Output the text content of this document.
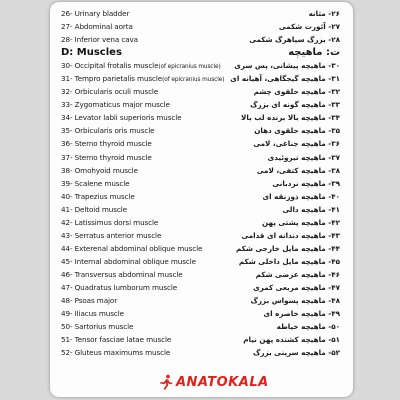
26- Urinary bladder	۲۶- مثانه
27- Abdominal aorta	۲۷- آئورت شکمی
28- Inferior vena cava	۲۸- بزرگ سیاهرگ شکمی
D: Muscles	ت: ماهیچه
30- Occipital frotalis muscle(of epicranius muscle) ۳۰- ماهیچه پیشانی، پس سری
31- Tempro parietalis muscle(of epicranius muscle) ۳۱- ماهیچه گیجگاهی، آهیانه ای
32- Orbicularis oculi muscle	۳۲- ماهیچه حلقوی چشم
33- Zygomaticus major muscle	۳۳- ماهیچه گونه ای بزرگ
34- Levator labii superioris muscle	۳۴- ماهیچه بالا برنده لب بالا
35- Orbicularis oris muscle	۳۵- ماهیچه حلقوی دهان
36- Sterno thyroid muscle	۳۶- ماهیچه جناغی، لامی
37- Sterno thyroid muscle	۳۷- ماهیچه تیروئیدی
38- Omohyoid muscle	۳۸- ماهیچه کتفی، لامی
39- Scalene muscle	۳۹- ماهیچه نردبانی
40- Trapezius muscle	۴۰- ماهیچه ذوزنقه ای
41- Deltoid muscle	۴۱- ماهیچه دالی
42- Latissimus dorsi muscle	۴۲- ماهیچه پشتی پهن
43- Serratus anterior muscle	۴۳- ماهیچه دندانه ای قدامی
44- Exterenal abdominal oblique muscle	۴۴- ماهیچه مایل خارجی شکم
45- Internal abdominal oblique muscle	۴۵- ماهیچه مایل داخلی شکم
46- Transversus abdominal muscle	۴۶- ماهیچه عرضی شکم
47- Quadratus lumborum muscle	۴۷- ماهیچه مربعی کمری
48- Psoas major	۴۸- ماهیچه پسواس بزرگ
49- Iliacus muscle	۴۹- ماهیچه خاصره ای
50- Sartorius muscle	۵۰- ماهیچه خیاطه
51- Tensor fasciae latae muscle	۵۱- ماهیچه کشنده پهن نیام
52- Gluteus maximums muscle	۵۲- ماهیچه سرینی بزرگ
ANATOKALA
